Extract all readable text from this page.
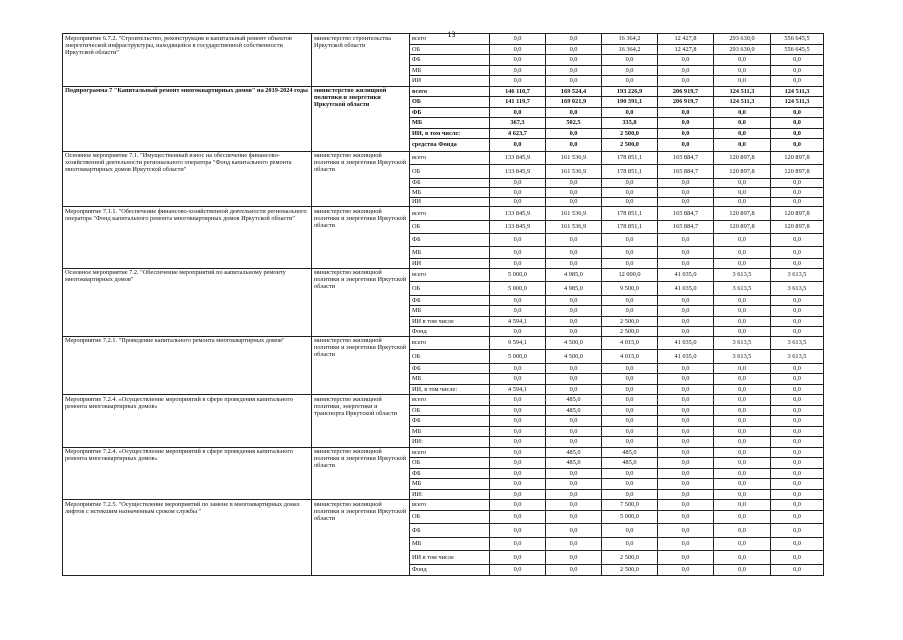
13
Мероприятие 6.7.2. "Строительство, реконструкция и капитальный ремонт объектов энергетической инфраструктуры, находящейся в государственной собственности Иркутской области"	министерство строительства Иркутской области	всего	0,0	0,0	16 364,2	12 427,8	293 630,0	556 645,5
		ОБ	0,0	0,0	16 364,2	12 427,8	293 630,0	556 645,5
		ФБ	0,0	0,0	0,0	0,0	0,0	0,0
		МБ	0,0	0,0	0,0	0,0	0,0	0,0
		ИИ	0,0	0,0	0,0	0,0	0,0	0,0
Подпрограмма 7 "Капитальный ремонт многоквартирных домов" на 2019-2024 годы	министерство жилищной политики и энергетики Иркутской области	всего	146 110,7	169 524,4	193 226,9	206 919,7	124 511,3	124 511,3
		ОБ	141 119,7	169 021,9	190 391,1	206 919,7	124 511,3	124 511,3
		ФБ	0,0	0,0	0,0	0,0	0,0	0,0
		МБ	367,3	502,5	335,8	0,0	0,0	0,0
		ИИ, в том числе:	4 623,7	0,0	2 500,0	0,0	0,0	0,0
		средства Фонда	0,0	0,0	2 500,0	0,0	0,0	0,0
Основное мероприятие 7.1. "Имущественный взнос на обеспечение финансово-хозяйственной деятельности регионального оператора "Фонд капитального ремонта многоквартирных домов Иркутской области"	министерство жилищной политики и энергетики Иркутской области	всего	133 845,9	161 536,9	178 851,1	165 884,7	120 897,8	120 897,8
		ОБ	133 845,9	161 536,9	178 851,1	165 884,7	120 897,8	120 897,8
		ФБ	0,0	0,0	0,0	0,0	0,0	0,0
		МБ	0,0	0,0	0,0	0,0	0,0	0,0
		ИИ	0,0	0,0	0,0	0,0	0,0	0,0
Мероприятие 7.1.1. "Обеспечение финансово-хозяйственной деятельности регионального оператора "Фонд капитального ремонта многоквартирных домов Иркутской области"	министерство жилищной политики и энергетики Иркутской области	всего	133 845,9	161 536,9	178 851,1	165 884,7	120 897,8	120 897,8
		ОБ	133 845,9	161 536,9	178 851,1	165 884,7	120 897,8	120 897,8
		ФБ	0,0	0,0	0,0	0,0	0,0	0,0
		МБ	0,0	0,0	0,0	0,0	0,0	0,0
		ИИ	0,0	0,0	0,0	0,0	0,0	0,0
Основное мероприятие 7.2. "Обеспечение мероприятий по капитальному ремонту многоквартирных домов"	министерство жилищной политики и энергетики Иркутской области	всего	5 000,0	4 985,0	12 000,0	41 035,0	3 613,5	3 613,5
		ОБ	5 000,0	4 985,0	9 500,0	41 035,0	3 613,5	3 613,5
		ФБ	0,0	0,0	0,0	0,0	0,0	0,0
		МБ	0,0	0,0	0,0	0,0	0,0	0,0
		ИИ в том числе	4 594,1	0,0	2 500,0	0,0	0,0	0,0
		Фонд	0,0	0,0	2 500,0	0,0	0,0	0,0
Мероприятие 7.2.1. "Проведение капитального ремонта многоквартирных домов"	министерство жилищной политики и энергетики Иркутской области	всего	9 594,1	4 500,0	4 015,0	41 035,0	3 613,5	3 613,5
		ОБ	5 000,0	4 500,0	4 015,0	41 035,0	3 613,5	3 613,5
		ФБ	0,0	0,0	0,0	0,0	0,0	0,0
		МБ	0,0	0,0	0,0	0,0	0,0	0,0
		ИИ, в том числе:	4 594,1	0,0	0,0	0,0	0,0	0,0
Мероприятие 7.2.4. «Осуществление мероприятий в сфере проведения капитального ремонта многоквартирных домов»	министерство жилищной политики, энергетики и транспорта Иркутской области	всего	0,0	485,0	0,0	0,0	0,0	0,0
		ОБ	0,0	485,0	0,0	0,0	0,0	0,0
		ФБ	0,0	0,0	0,0	0,0	0,0	0,0
		МБ	0,0	0,0	0,0	0,0	0,0	0,0
		ИИ:	0,0	0,0	0,0	0,0	0,0	0,0
Мероприятие 7.2.4. «Осуществление мероприятий в сфере проведения капитального ремонта многоквартирных домов»	министерство жилищной политики и энергетики Иркутской области	всего	0,0	485,0	485,0	0,0	0,0	0,0
		ОБ	0,0	485,0	485,0	0,0	0,0	0,0
		ФБ	0,0	0,0	0,0	0,0	0,0	0,0
		МБ	0,0	0,0	0,0	0,0	0,0	0,0
		ИИ:	0,0	0,0	0,0	0,0	0,0	0,0
Мероприятие 7.2.5. "Осуществление мероприятий по замене в многоквартирных домах лифтов с истекшим назначенным сроком службы "	министерство жилищной политики и энергетики Иркутской области	всего	0,0	0,0	7 500,0	0,0	0,0	0,0
		ОБ	0,0	0,0	5 000,0	0,0	0,0	0,0
		ФБ	0,0	0,0	0,0	0,0	0,0	0,0
		МБ	0,0	0,0	0,0	0,0	0,0	0,0
		ИИ в том числе	0,0	0,0	2 500,0	0,0	0,0	0,0
		Фонд	0,0	0,0	2 500,0	0,0	0,0	0,0
